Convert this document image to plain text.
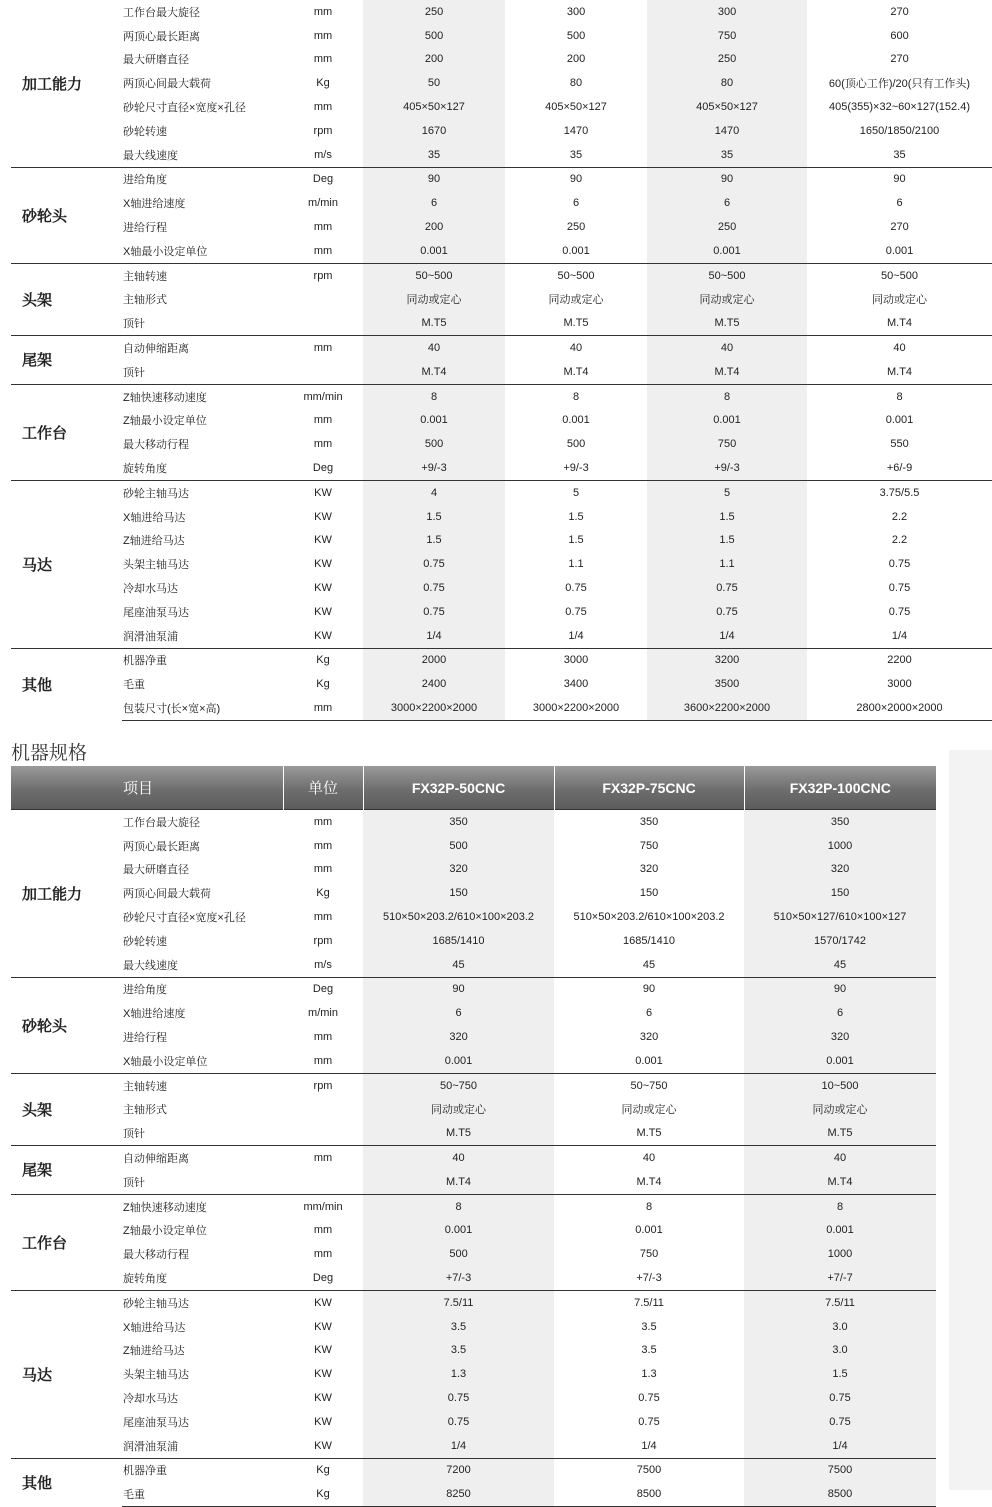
加工能力	工作台最大旋径	mm	250	300	300	270
	两顶心最长距离	mm	500	500	750	600
	最大研磨直径	mm	200	200	250	270
	两顶心间最大载荷	Kg	50	80	80	60(顶心工作)/20(只有工作头)
	砂轮尺寸直径×宽度×孔径	mm	405×50×127	405×50×127	405×50×127	405(355)×32~60×127(152.4)
	砂轮转速	rpm	1670	1470	1470	1650/1850/2100
	最大线速度	m/s	35	35	35	35
砂轮头	进给角度	Deg	90	90	90	90
	X轴进给速度	m/min	6	6	6	6
	进给行程	mm	200	250	250	270
	X轴最小设定单位	mm	0.001	0.001	0.001	0.001
头架	主轴转速	rpm	50~500	50~500	50~500	50~500
	主轴形式		同动或定心	同动或定心	同动或定心	同动或定心
	顶针		M.T5	M.T5	M.T5	M.T4
尾架	自动伸缩距离	mm	40	40	40	40
	顶针		M.T4	M.T4	M.T4	M.T4
工作台	Z轴快速移动速度	mm/min	8	8	8	8
	Z轴最小设定单位	mm	0.001	0.001	0.001	0.001
	最大移动行程	mm	500	500	750	550
	旋转角度	Deg	+9/-3	+9/-3	+9/-3	+6/-9
马达	砂轮主轴马达	KW	4	5	5	3.75/5.5
	X轴进给马达	KW	1.5	1.5	1.5	2.2
	Z轴进给马达	KW	1.5	1.5	1.5	2.2
	头架主轴马达	KW	0.75	1.1	1.1	0.75
	冷却水马达	KW	0.75	0.75	0.75	0.75
	尾座油泵马达	KW	0.75	0.75	0.75	0.75
	润滑油泵浦	KW	1/4	1/4	1/4	1/4
其他	机器净重	Kg	2000	3000	3200	2200
	毛重	Kg	2400	3400	3500	3000
	包装尺寸(长×宽×高)	mm	3000×2200×2000	3000×2200×2000	3600×2200×2000	2800×2000×2000
机器规格
项目		单位	FX32P-50CNC	FX32P-75CNC	FX32P-100CNC
加工能力	工作台最大旋径	mm	350	350	350
	两顶心最长距离	mm	500	750	1000
	最大研磨直径	mm	320	320	320
	两顶心间最大载荷	Kg	150	150	150
	砂轮尺寸直径×宽度×孔径	mm	510×50×203.2/610×100×203.2	510×50×203.2/610×100×203.2	510×50×127/610×100×127
	砂轮转速	rpm	1685/1410	1685/1410	1570/1742
	最大线速度	m/s	45	45	45
砂轮头	进给角度	Deg	90	90	90
	X轴进给速度	m/min	6	6	6
	进给行程	mm	320	320	320
	X轴最小设定单位	mm	0.001	0.001	0.001
头架	主轴转速	rpm	50~750	50~750	10~500
	主轴形式		同动或定心	同动或定心	同动或定心
	顶针		M.T5	M.T5	M.T5
尾架	自动伸缩距离	mm	40	40	40
	顶针		M.T4	M.T4	M.T4
工作台	Z轴快速移动速度	mm/min	8	8	8
	Z轴最小设定单位	mm	0.001	0.001	0.001
	最大移动行程	mm	500	750	1000
	旋转角度	Deg	+7/-3	+7/-3	+7/-7
马达	砂轮主轴马达	KW	7.5/11	7.5/11	7.5/11
	X轴进给马达	KW	3.5	3.5	3.0
	Z轴进给马达	KW	3.5	3.5	3.0
	头架主轴马达	KW	1.3	1.3	1.5
	冷却水马达	KW	0.75	0.75	0.75
	尾座油泵马达	KW	0.75	0.75	0.75
	润滑油泵浦	KW	1/4	1/4	1/4
其他	机器净重	Kg	7200	7500	7500
	毛重	Kg	8250	8500	8500
